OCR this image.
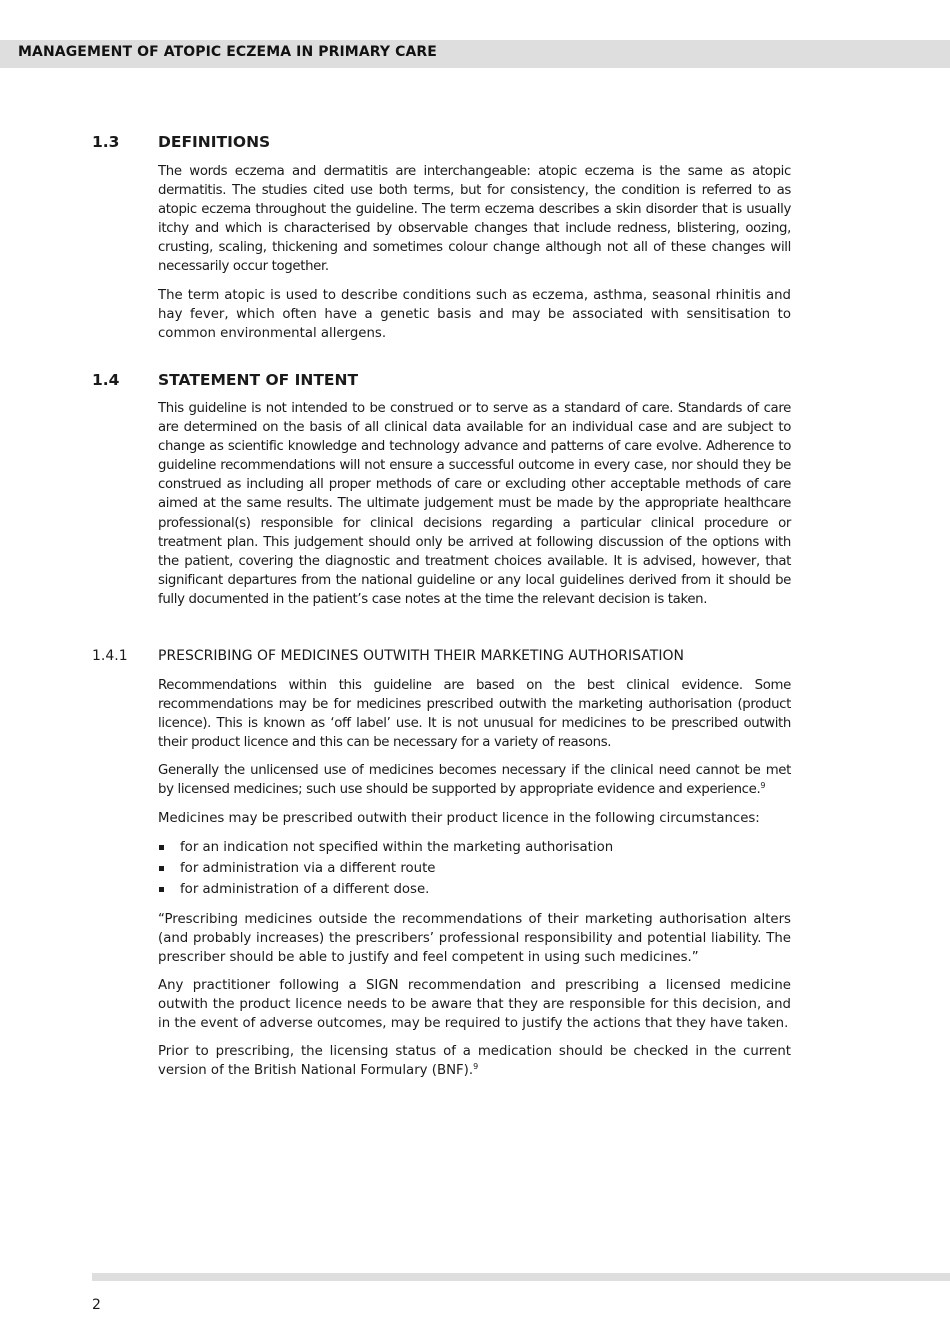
MANAGEMENT OF ATOPIC ECZEMA IN PRIMARY CARE
1.3 DEFINITIONS

The words eczema and dermatitis are interchangeable: atopic eczema is the same as atopic dermatitis. The studies cited use both terms, but for consistency, the condition is referred to as atopic eczema throughout the guideline. The term eczema describes a skin disorder that is usually itchy and which is characterised by observable changes that include redness, blistering, oozing, crusting, scaling, thickening and sometimes colour change although not all of these changes will necessarily occur together.

The term atopic is used to describe conditions such as eczema, asthma, seasonal rhinitis and hay fever, which often have a genetic basis and may be associated with sensitisation to common environmental allergens.

1.4 STATEMENT OF INTENT

This guideline is not intended to be construed or to serve as a standard of care. Standards of care are determined on the basis of all clinical data available for an individual case and are subject to change as scientific knowledge and technology advance and patterns of care evolve. Adherence to guideline recommendations will not ensure a successful outcome in every case, nor should they be construed as including all proper methods of care or excluding other acceptable methods of care aimed at the same results. The ultimate judgement must be made by the appropriate healthcare professional(s) responsible for clinical decisions regarding a particular clinical procedure or treatment plan. This judgement should only be arrived at following discussion of the options with the patient, covering the diagnostic and treatment choices available. It is advised, however, that significant departures from the national guideline or any local guidelines derived from it should be fully documented in the patient’s case notes at the time the relevant decision is taken.

1.4.1 PRESCRIBING OF MEDICINES OUTWITH THEIR MARKETING AUTHORISATION

Recommendations within this guideline are based on the best clinical evidence. Some recommendations may be for medicines prescribed outwith the marketing authorisation (product licence). This is known as ‘off label’ use. It is not unusual for medicines to be prescribed outwith their product licence and this can be necessary for a variety of reasons.

Generally the unlicensed use of medicines becomes necessary if the clinical need cannot be met by licensed medicines; such use should be supported by appropriate evidence and experience.$^9$

Medicines may be prescribed outwith their product licence in the following circumstances:

for an indication not specified within the marketing authorisation
for administration via a different route
for administration of a different dose.

“Prescribing medicines outside the recommendations of their marketing authorisation alters (and probably increases) the prescribers’ professional responsibility and potential liability. The prescriber should be able to justify and feel competent in using such medicines.”

Any practitioner following a SIGN recommendation and prescribing a licensed medicine outwith the product licence needs to be aware that they are responsible for this decision, and in the event of adverse outcomes, may be required to justify the actions that they have taken.

Prior to prescribing, the licensing status of a medication should be checked in the current version of the British National Formulary (BNF).$^9$

2
